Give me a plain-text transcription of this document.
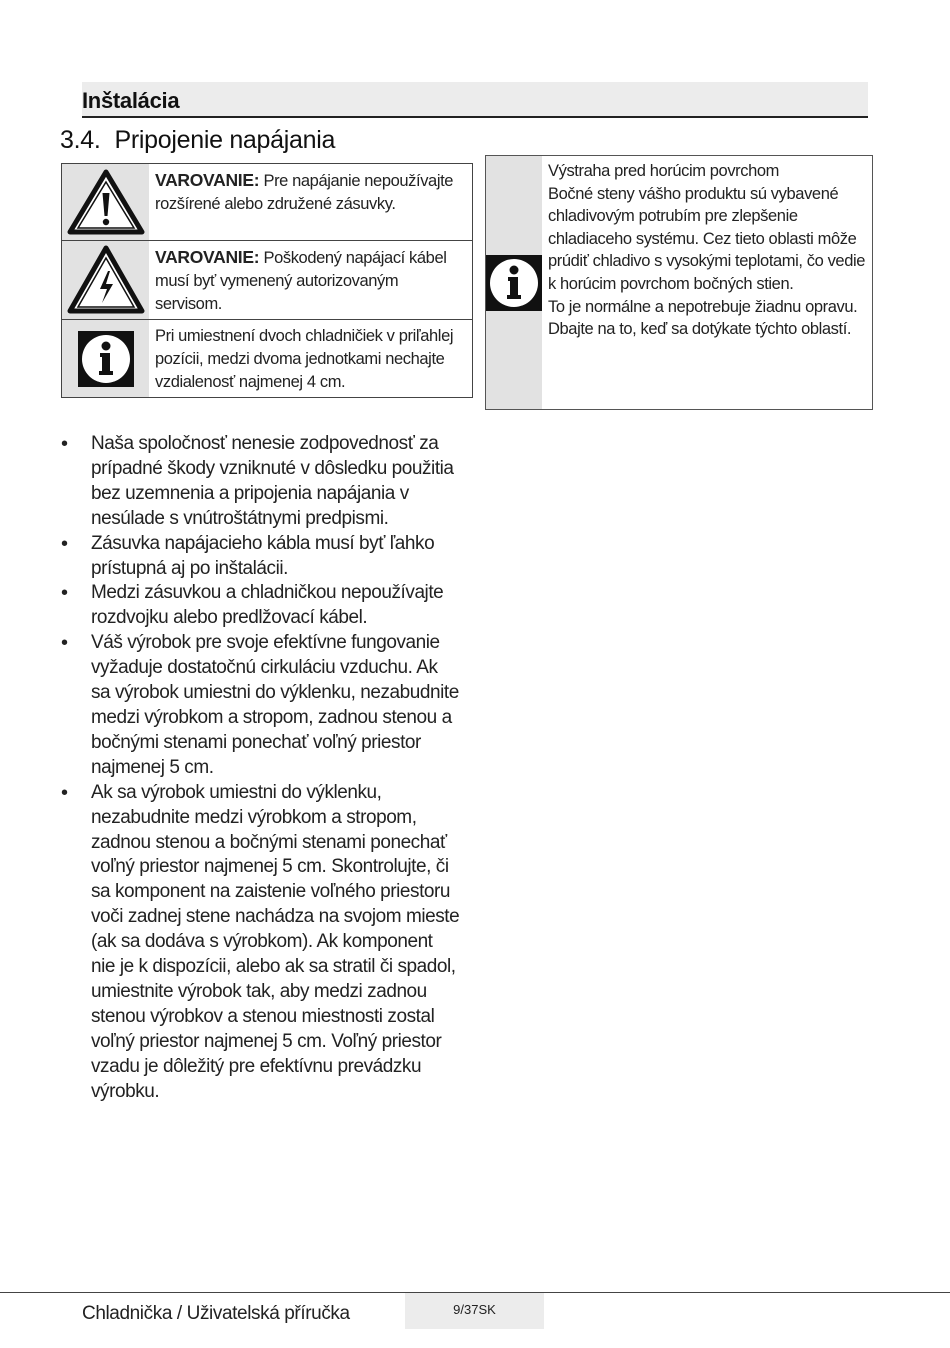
Inštalácia
3.4. Pripojenie napájania
VAROVANIE: Pre napájanie nepoužívajte rozšírené alebo združené zásuvky.
VAROVANIE: Poškodený napájací kábel musí byť vymenený autorizovaným servisom.
Pri umiestnení dvoch chladničiek v priľahlej pozícii, medzi dvoma jednotkami nechajte vzdialenosť najmenej 4 cm.
Výstraha pred horúcim povrchom
Bočné steny vášho produktu sú vybavené chladivovým potrubím pre zlepšenie chladiaceho systému. Cez tieto oblasti môže prúdiť chladivo s vysokými teplotami, čo vedie k horúcim povrchom bočných stien.
To je normálne a nepotrebuje žiadnu opravu. Dbajte na to, keď sa dotýkate týchto oblastí.
• Naša spoločnosť nenesie zodpovednosť za prípadné škody vzniknuté v dôsledku použitia bez uzemnenia a pripojenia napájania v nesúlade s vnútroštátnymi predpismi.
• Zásuvka napájacieho kábla musí byť ľahko prístupná aj po inštalácii.
• Medzi zásuvkou a chladničkou nepoužívajte rozdvojku alebo predlžovací kábel.
• Váš výrobok pre svoje efektívne fungovanie vyžaduje dostatočnú cirkuláciu vzduchu. Ak sa výrobok umiestni do výklenku, nezabudnite medzi výrobkom a stropom, zadnou stenou a bočnými stenami ponechať voľný priestor najmenej 5 cm.
• Ak sa výrobok umiestni do výklenku, nezabudnite medzi výrobkom a stropom, zadnou stenou a bočnými stenami ponechať voľný priestor najmenej 5 cm. Skontrolujte, či sa komponent na zaistenie voľného priestoru voči zadnej stene nachádza na svojom mieste (ak sa dodáva s výrobkom). Ak komponent nie je k dispozícii, alebo ak sa stratil či spadol, umiestnite výrobok tak, aby medzi zadnou stenou výrobkov a stenou miestnosti zostal voľný priestor najmenej 5 cm. Voľný priestor vzadu je dôležitý pre efektívnu prevádzku výrobku.
Chladnička / Uživatelská příručka	9/37SK
